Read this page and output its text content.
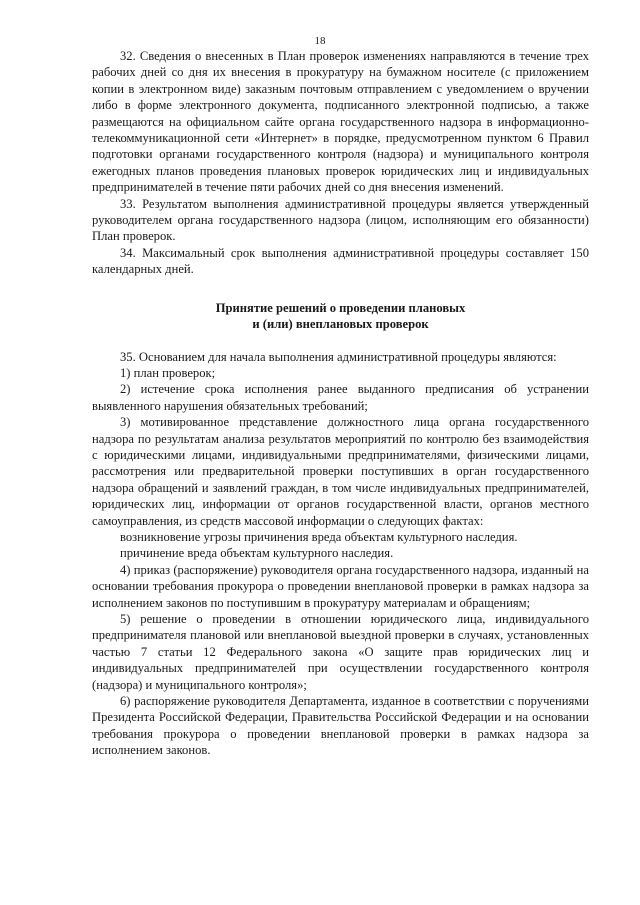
18

32. Сведения о внесенных в План проверок изменениях направляются в течение трех рабочих дней со дня их внесения в прокуратуру на бумажном носителе (с приложением копии в электронном виде) заказным почтовым отправлением с уведомлением о вручении либо в форме электронного документа, подписанного электронной подписью, а также размещаются на официальном сайте органа государственного надзора в информационно-телекоммуникационной сети «Интернет» в порядке, предусмотренном пунктом 6 Правил подготовки органами государственного контроля (надзора) и муниципального контроля ежегодных планов проведения плановых проверок юридических лиц и индивидуальных предпринимателей в течение пяти рабочих дней со дня внесения изменений.

33. Результатом выполнения административной процедуры является утвержденный руководителем органа государственного надзора (лицом, исполняющим его обязанности) План проверок.

34. Максимальный срок выполнения административной процедуры составляет 150 календарных дней.

Принятие решений о проведении плановых

и (или) внеплановых проверок

35. Основанием для начала выполнения административной процедуры являются:

1) план проверок;

2) истечение срока исполнения ранее выданного предписания об устранении выявленного нарушения обязательных требований;

3) мотивированное представление должностного лица органа государственного надзора по результатам анализа результатов мероприятий по контролю без взаимодействия с юридическими лицами, индивидуальными предпринимателями, физическими лицами, рассмотрения или предварительной проверки поступивших в орган государственного надзора обращений и заявлений граждан, в том числе индивидуальных предпринимателей, юридических лиц, информации от органов государственной власти, органов местного самоуправления, из средств массовой информации о следующих фактах:

возникновение угрозы причинения вреда объектам культурного наследия.

причинение вреда объектам культурного наследия.

4) приказ (распоряжение) руководителя органа государственного надзора, изданный на основании требования прокурора о проведении внеплановой проверки в рамках надзора за исполнением законов по поступившим в прокуратуру материалам и обращениям;

5) решение о проведении в отношении юридического лица, индивидуального предпринимателя плановой или внеплановой выездной проверки в случаях, установленных частью 7 статьи 12 Федерального закона «О защите прав юридических лиц и индивидуальных предпринимателей при осуществлении государственного контроля (надзора) и муниципального контроля»;

6) распоряжение руководителя Департамента, изданное в соответствии с поручениями Президента Российской Федерации, Правительства Российской Федерации и на основании требования прокурора о проведении внеплановой проверки в рамках надзора за исполнением законов.
